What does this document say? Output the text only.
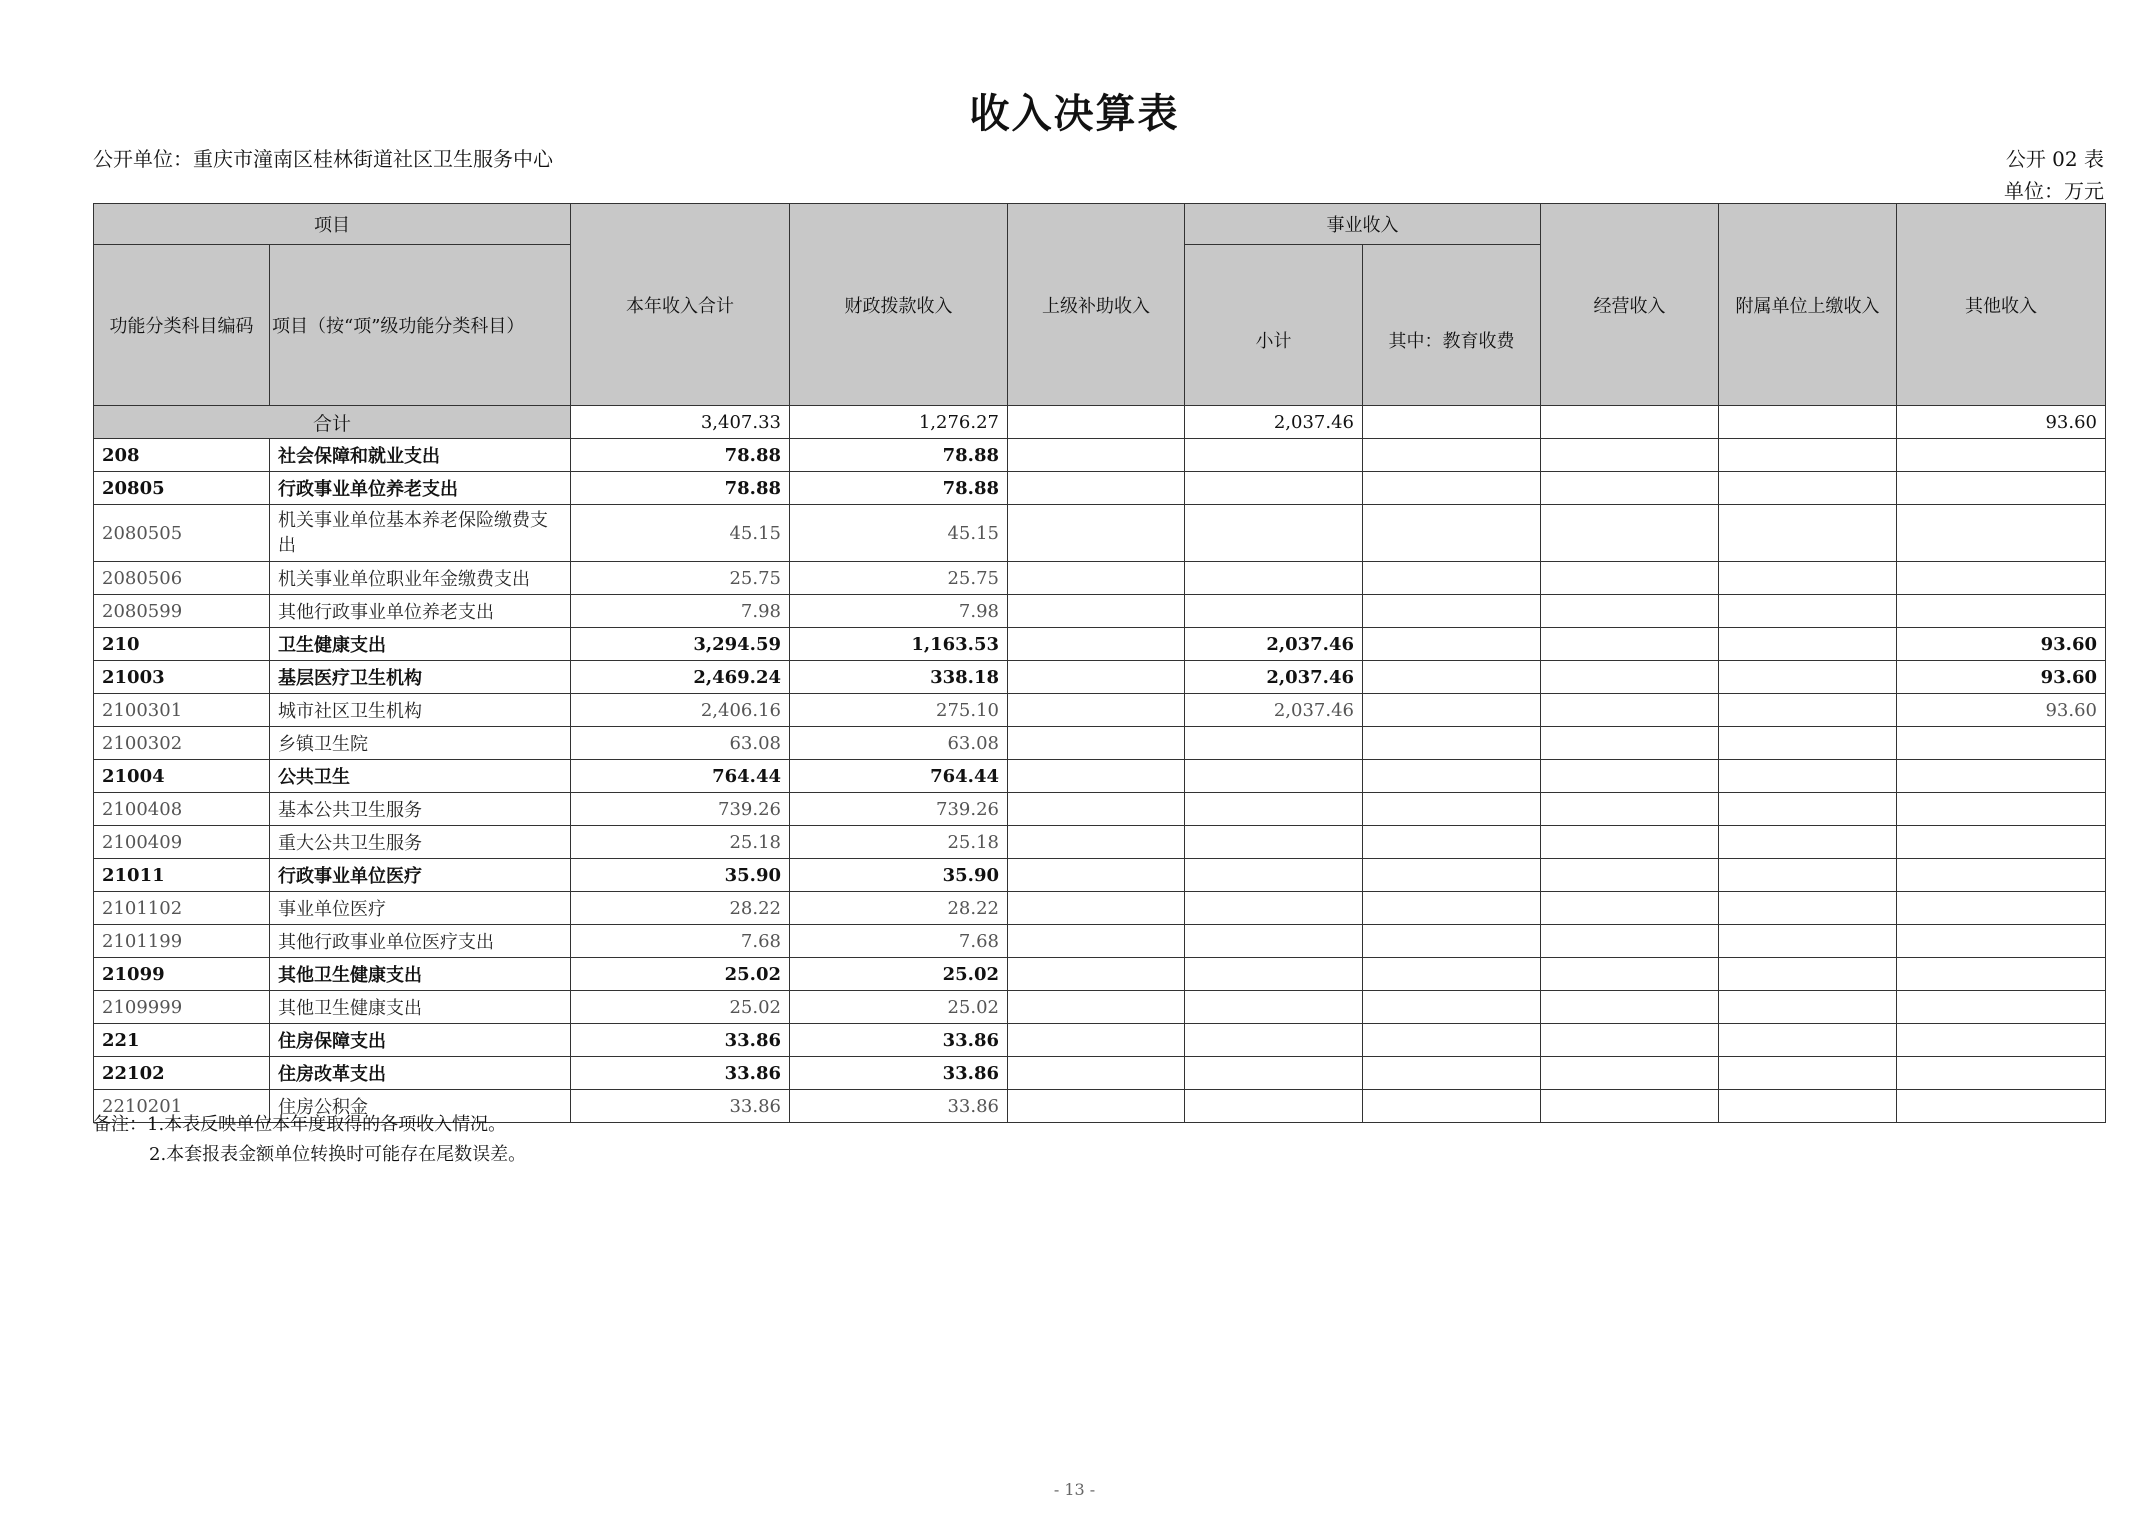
收入决算表
公开单位：重庆市潼南区桂林街道社区卫生服务中心	公开 02 表
单位：万元
项目		本年收入合计	财政拨款收入	上级补助收入	事业收入		经营收入	附属单位上缴收入	其他收入
功能分类科目编码	项目（按“项”级功能分类科目）				小计	其中：教育收费			
合计		3,407.33	1,276.27		2,037.46				93.60
208	社会保障和就业支出	78.88	78.88						
20805	行政事业单位养老支出	78.88	78.88						
2080505	机关事业单位基本养老保险缴费支出	45.15	45.15						
2080506	机关事业单位职业年金缴费支出	25.75	25.75						
2080599	其他行政事业单位养老支出	7.98	7.98						
210	卫生健康支出	3,294.59	1,163.53		2,037.46				93.60
21003	基层医疗卫生机构	2,469.24	338.18		2,037.46				93.60
2100301	城市社区卫生机构	2,406.16	275.10		2,037.46				93.60
2100302	乡镇卫生院	63.08	63.08						
21004	公共卫生	764.44	764.44						
2100408	基本公共卫生服务	739.26	739.26						
2100409	重大公共卫生服务	25.18	25.18						
21011	行政事业单位医疗	35.90	35.90						
2101102	事业单位医疗	28.22	28.22						
2101199	其他行政事业单位医疗支出	7.68	7.68						
21099	其他卫生健康支出	25.02	25.02						
2109999	其他卫生健康支出	25.02	25.02						
221	住房保障支出	33.86	33.86						
22102	住房改革支出	33.86	33.86						
2210201	住房公积金	33.86	33.86						
备注：1.本表反映单位本年度取得的各项收入情况。
2.本套报表金额单位转换时可能存在尾数误差。
- 13 -
